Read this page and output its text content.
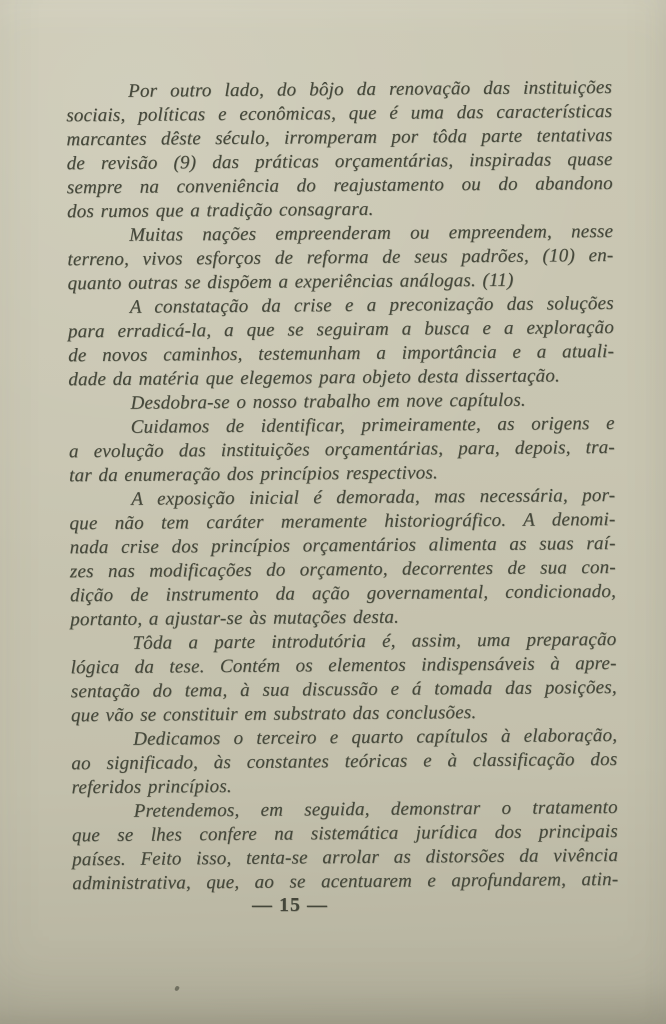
Por outro lado, do bôjo da renovação das instituições
sociais, políticas e econômicas, que é uma das características
marcantes dêste século, irromperam por tôda parte tentativas
de revisão (9) das práticas orçamentárias, inspiradas quase
sempre na conveniência do reajustamento ou do abandono
dos rumos que a tradição consagrara.
Muitas nações empreenderam ou empreendem, nesse
terreno, vivos esforços de reforma de seus padrões, (10) en-
quanto outras se dispõem a experiências análogas. (11)
A constatação da crise e a preconização das soluções
para erradicá-la, a que se seguiram a busca e a exploração
de novos caminhos, testemunham a importância e a atuali-
dade da matéria que elegemos para objeto desta dissertação.
Desdobra-se o nosso trabalho em nove capítulos.
Cuidamos de identificar, primeiramente, as origens e
a evolução das instituições orçamentárias, para, depois, tra-
tar da enumeração dos princípios respectivos.
A exposição inicial é demorada, mas necessária, por-
que não tem caráter meramente historiográfico. A denomi-
nada crise dos princípios orçamentários alimenta as suas raí-
zes nas modificações do orçamento, decorrentes de sua con-
dição de instrumento da ação governamental, condicionado,
portanto, a ajustar-se às mutações desta.
Tôda a parte introdutória é, assim, uma preparação
lógica da tese. Contém os elementos indispensáveis à apre-
sentação do tema, à sua discussão e á tomada das posições,
que vão se constituir em substrato das conclusões.
Dedicamos o terceiro e quarto capítulos à elaboração,
ao significado, às constantes teóricas e à classificação dos
referidos princípios.
Pretendemos, em seguida, demonstrar o tratamento
que se lhes confere na sistemática jurídica dos principais
países. Feito isso, tenta-se arrolar as distorsões da vivência
administrativa, que, ao se acentuarem e aprofundarem, atin-
— 15 —
